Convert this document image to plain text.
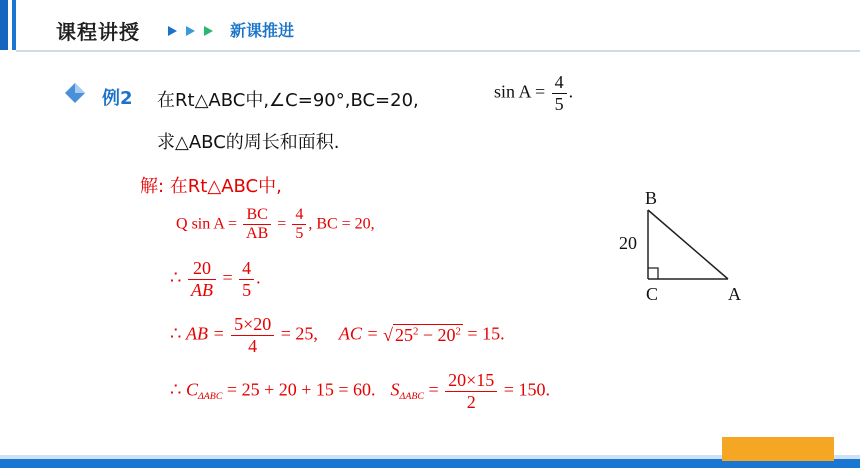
课程讲授	新课推进
例2 在Rt△ABC中,∠C=90°,BC=20,	$\sin A = \frac{4}{5}$ .
求△ABC的周长和面积.
解: 在Rt△ABC中,
Q $\sin A = \frac{BC}{AB} = \frac{4}{5}$ , BC = 20,
∴ $\frac{20}{AB} = \frac{4}{5}$ .
∴ AB = $\frac{5\times 20}{4} = 25$, AC = √ $25^2 - 20^2 = 15$.
∴ $C_{\Delta ABC} = 25 + 20 + 15 = 60$. $S_{\Delta ABC} = \frac{20\times 15}{2} = 150$.
B
C	A
20
